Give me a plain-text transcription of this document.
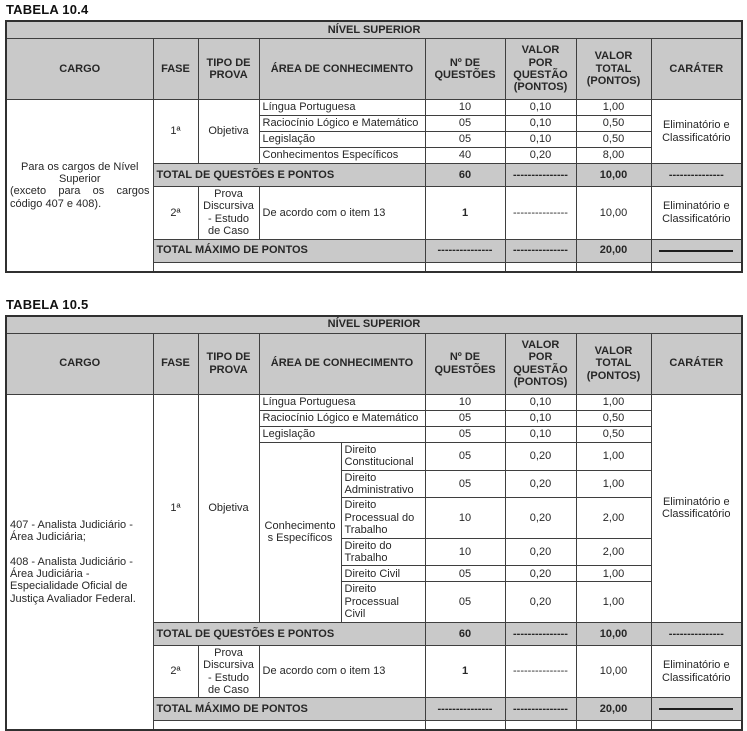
TABELA 10.4
NÍVEL SUPERIOR							
CARGO	FASE	TIPO DE PROVA	ÁREA DE CONHECIMENTO	Nº DE QUESTÕES	VALOR POR QUESTÃO (PONTOS)	VALOR TOTAL (PONTOS)	CARÁTER

Para os cargos de Nível Superior
(exceto para os cargos código 407 e 408).	1ª	Objetiva	Língua Portuguesa	10	0,10	1,00	Eliminatório e Classificatório
			Raciocínio Lógico e Matemático	05	0,10	0,50	
			Legislação	05	0,10	0,50	
			Conhecimentos Específicos	40	0,20	8,00	
	TOTAL DE QUESTÕES E PONTOS			60	---------------	10,00	---------------
	2ª	Prova Discursiva - Estudo de Caso	De acordo com o item 13	1	---------------	10,00	Eliminatório e Classificatório
	TOTAL MÁXIMO DE PONTOS			---------------	---------------	20,00	

TABELA 10.5
NÍVEL SUPERIOR								
CARGO	FASE	TIPO DE PROVA	ÁREA DE CONHECIMENTO		Nº DE QUESTÕES	VALOR POR QUESTÃO (PONTOS)	VALOR TOTAL (PONTOS)	CARÁTER

407 - Analista Judiciário - Área Judiciária;
408 - Analista Judiciário - Área Judiciária - Especialidade Oficial de Justiça Avaliador Federal.	1ª	Objetiva	Língua Portuguesa		10	0,10	1,00	Eliminatório e Classificatório
			Raciocínio Lógico e Matemático		05	0,10	0,50	
			Legislação		05	0,10	0,50	
			Conhecimentos Específicos	Direito Constitucional	05	0,20	1,00	
				Direito Administrativo	05	0,20	1,00	
				Direito Processual do Trabalho	10	0,20	2,00	
				Direito do Trabalho	10	0,20	2,00	
				Direito Civil	05	0,20	1,00	
				Direito Processual Civil	05	0,20	1,00	
	TOTAL DE QUESTÕES E PONTOS				60	---------------	10,00	---------------
	2ª	Prova Discursiva - Estudo de Caso	De acordo com o item 13		1	---------------	10,00	Eliminatório e Classificatório
	TOTAL MÁXIMO DE PONTOS				---------------	---------------	20,00	
